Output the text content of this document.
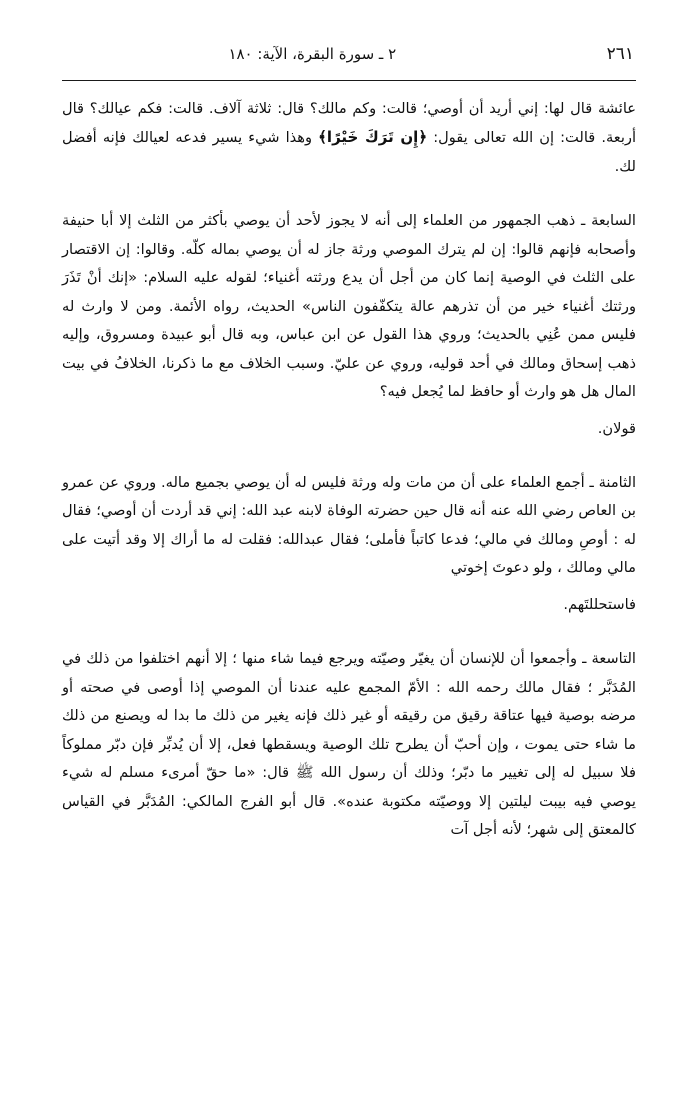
٢٦١
٢ ـ سورة البقرة، الآية: ١٨٠
عائشة قال لها: إني أريد أن أوصي؛ قالت: وكم مالك؟ قال: ثلاثة آلاف. قالت: فكم عيالك؟ قال أربعة. قالت: إن الله تعالى يقول: ﴿إِن تَرَكَ خَيْرًا﴾ وهذا شيء يسير فدعه لعيالك فإنه أفضل لك.
السابعة ـ ذهب الجمهور من العلماء إلى أنه لا يجوز لأحد أن يوصي بأكثر من الثلث إلا أبا حنيفة وأصحابه فإنهم قالوا: إن لم يترك الموصي ورثة جاز له أن يوصي بماله كلّه. وقالوا: إن الاقتصار على الثلث في الوصية إنما كان من أجل أن يدع ورثته أغنياء؛ لقوله عليه السلام: «إنك أنْ تَذَرَ ورثتك أغنياء خير من أن تذرهم عالة يتكفّفون الناس» الحديث، رواه الأئمة. ومن لا وارث له فليس ممن عُنِي بالحديث؛ وروي هذا القول عن ابن عباس، وبه قال أبو عبيدة ومسروق، وإليه ذهب إسحاق ومالك في أحد قوليه، وروي عن عليّ. وسبب الخلاف مع ما ذكرنا، الخلافُ في بيت المال هل هو وارث أو حافظ لما يُجعل فيه؟
قولان.
الثامنة ـ أجمع العلماء على أن من مات وله ورثة فليس له أن يوصي بجميع ماله. وروي عن عمرو بن العاص رضي الله عنه أنه قال حين حضرته الوفاة لابنه عبد الله: إني قد أردت أن أوصي؛ فقال له : أوصِ ومالك في مالي؛ فدعا كاتباً فأملى؛ فقال عبدالله: فقلت له ما أراك إلا وقد أتيت على مالي ومالك ، ولو دعوتَ إخوتي
فاستحللتَهم.
التاسعة ـ وأجمعوا أن للإنسان أن يغيّر وصيّته ويرجع فيما شاء منها ؛ إلا أنهم اختلفوا من ذلك في المُدَبَّر ؛ فقال مالك رحمه الله : الأمّ المجمع عليه عندنا أن الموصي إذا أوصى في صحته أو مرضه بوصية فيها عتاقة رقيق من رقيقه أو غير ذلك فإنه يغير من ذلك ما بدا له ويصنع من ذلك ما شاء حتى يموت ، وإن أحبّ أن يطرح تلك الوصية ويسقطها فعل، إلا أن يُدبِّر فإن دبّر مملوكاً فلا سبيل له إلى تغيير ما دبّر؛ وذلك أن رسول الله ﷺ قال: «ما حقّ أمرىء مسلم له شيء يوصي فيه بيبت ليلتين إلا ووصيّته مكتوبة عنده». قال أبو الفرج المالكي: المُدَبَّر في القياس كالمعتق إلى شهر؛ لأنه أجل آت
